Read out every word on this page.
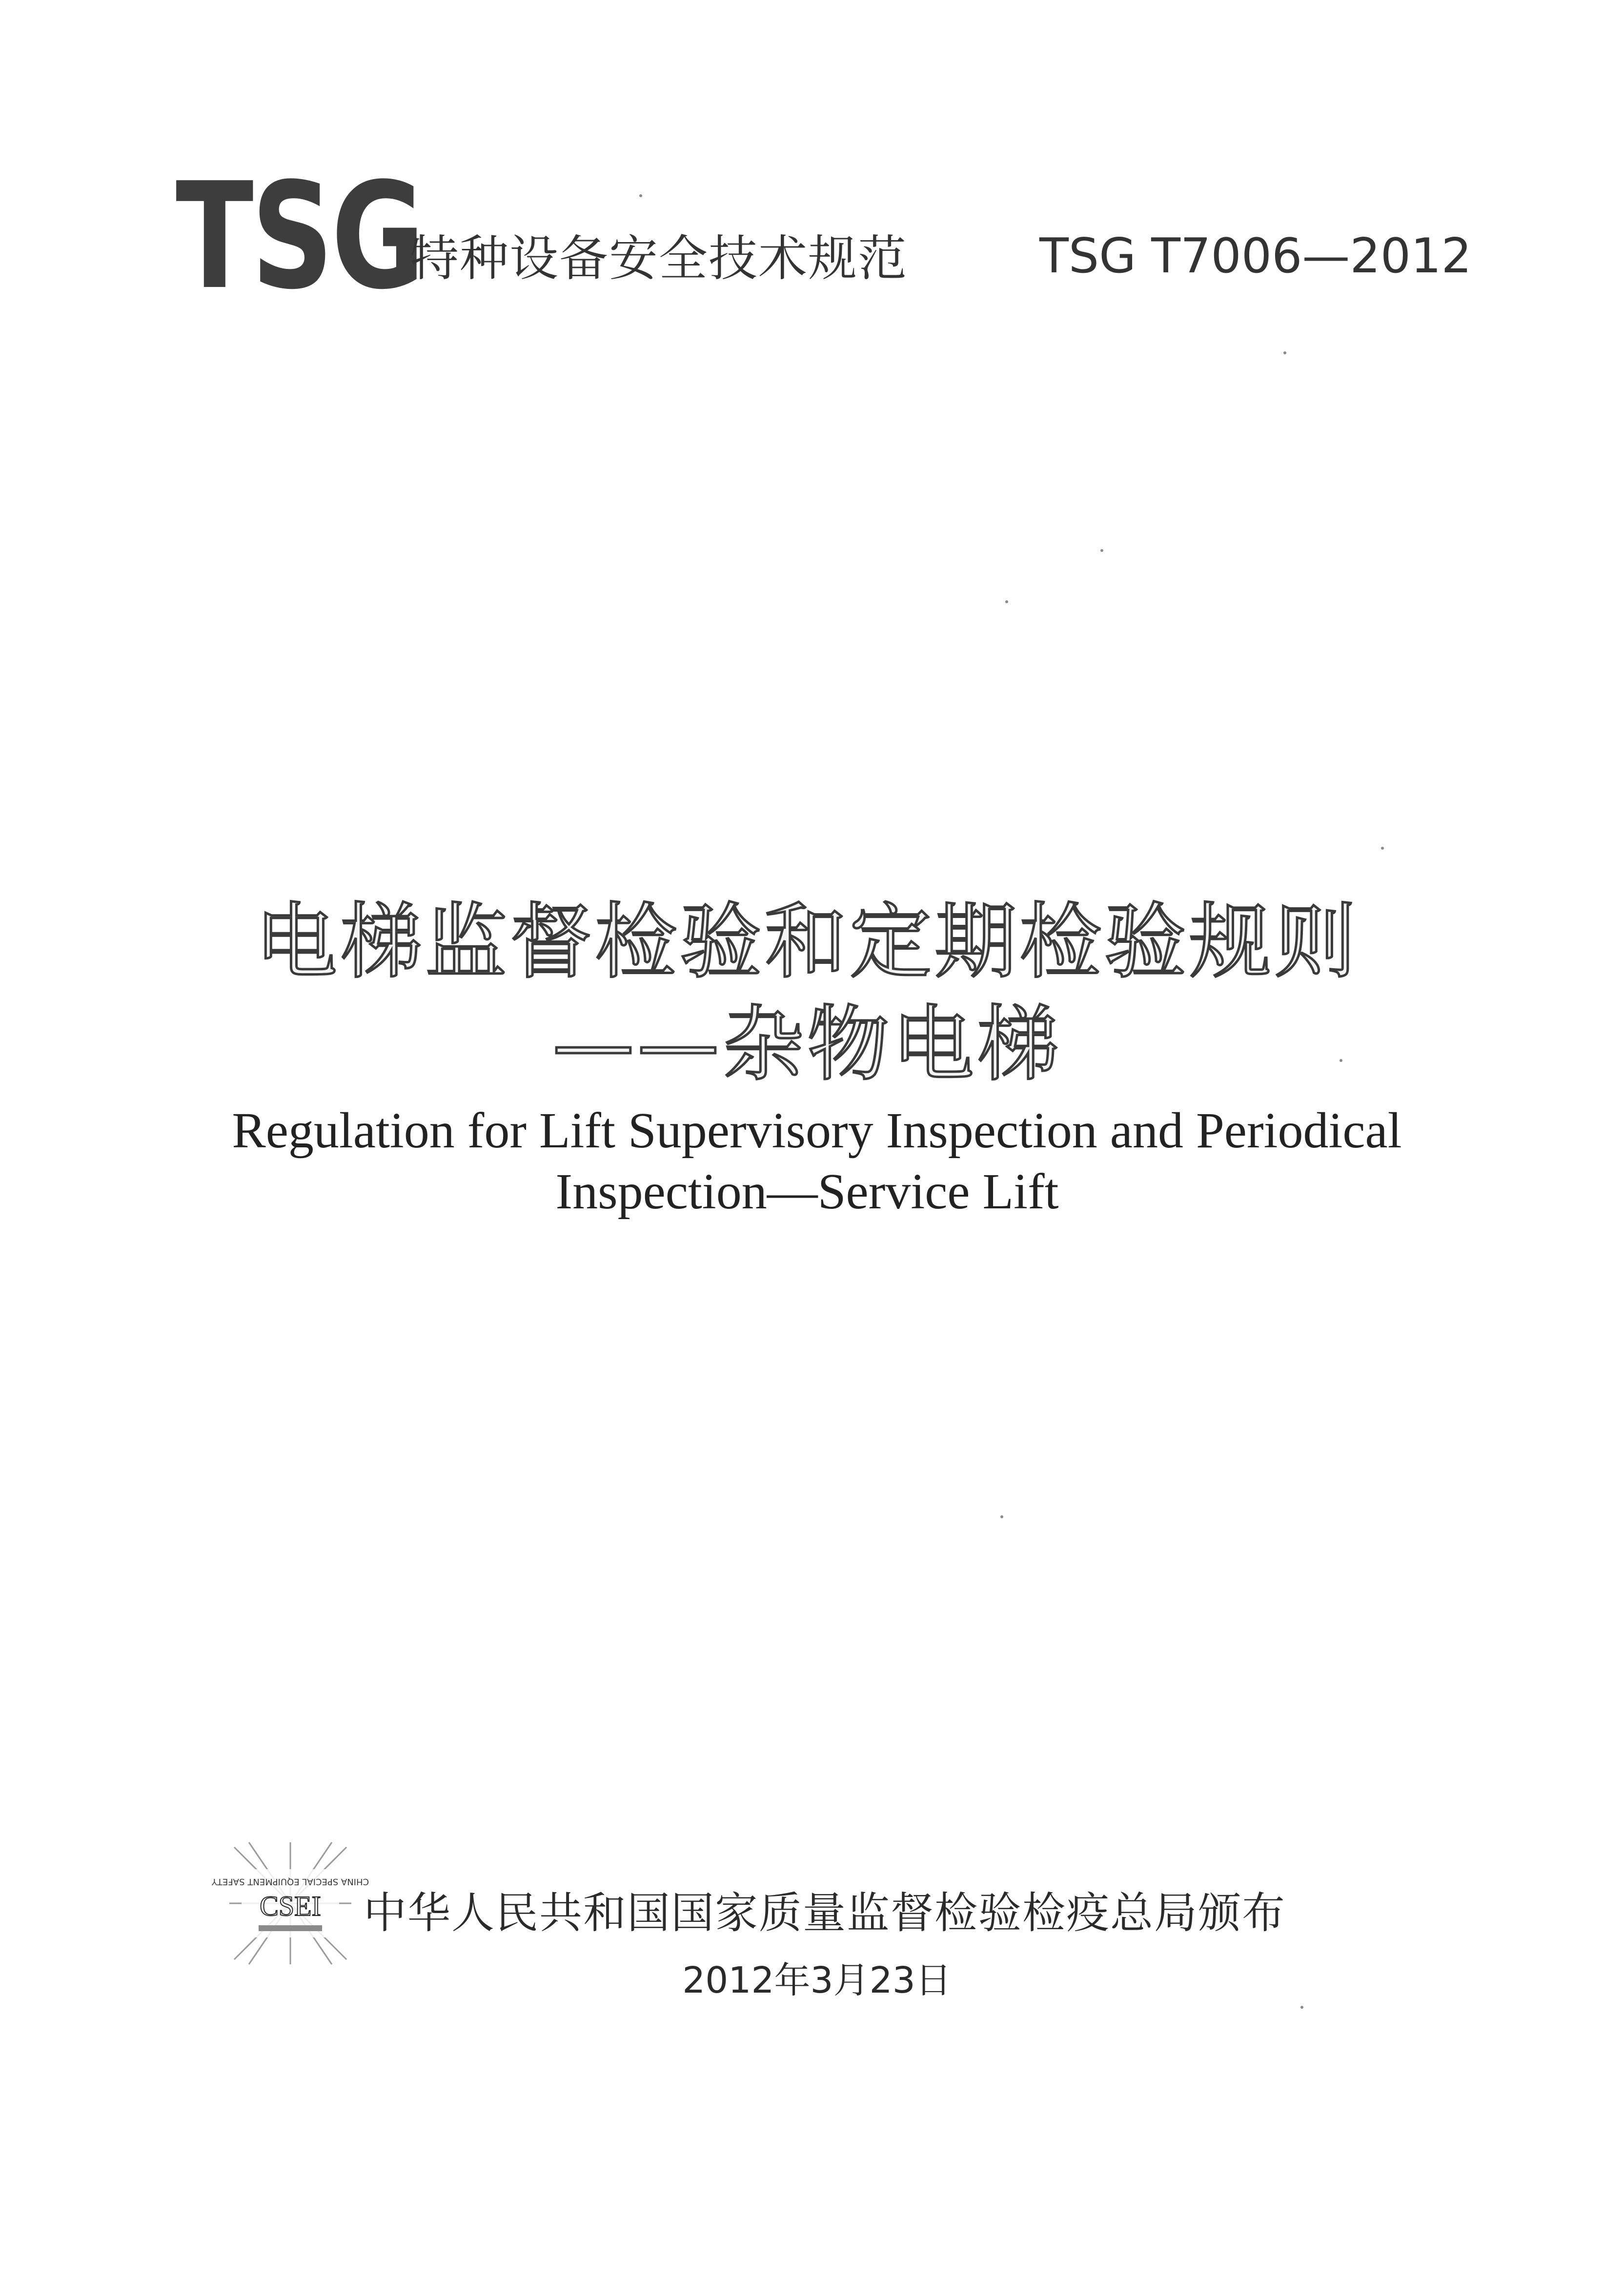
TSG
特种设备安全技术规范	TSG T7006—2012
电梯监督检验和定期检验规则
——杂物电梯
Regulation for Lift Supervisory Inspection and Periodical
Inspection—Service Lift
CHINA SPECIAL EQUIPMENT SAFETY
CSEI 中华人民共和国国家质量监督检验检疫总局颁布
2012年3月23日
